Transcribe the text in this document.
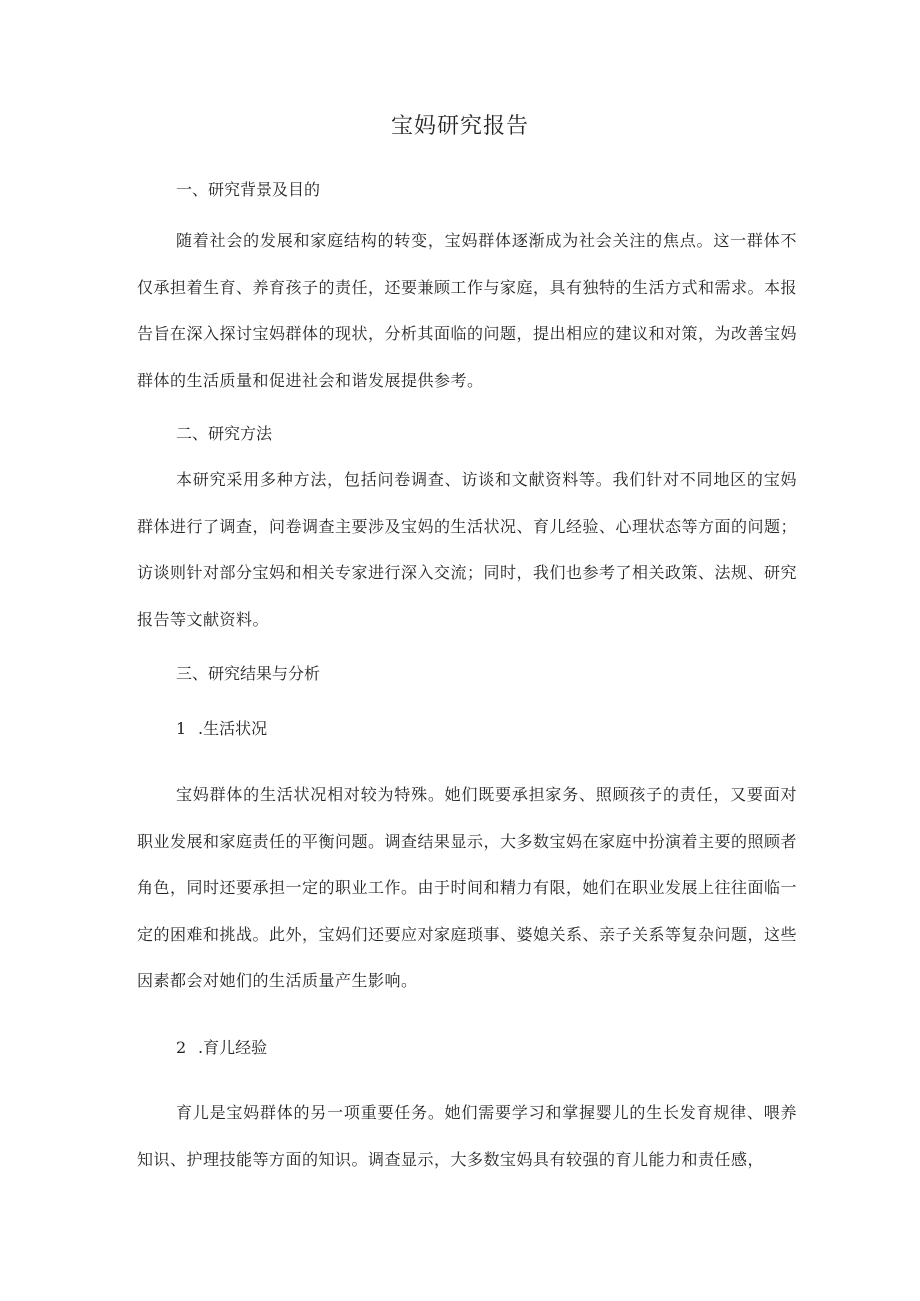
宝妈研究报告
一、研究背景及目的

随着社会的发展和家庭结构的转变，宝妈群体逐渐成为社会关注的焦点。这一群体不仅承担着生育、养育孩子的责任，还要兼顾工作与家庭，具有独特的生活方式和需求。本报告旨在深入探讨宝妈群体的现状，分析其面临的问题，提出相应的建议和对策，为改善宝妈群体的生活质量和促进社会和谐发展提供参考。

二、研究方法

本研究采用多种方法，包括问卷调查、访谈和文献资料等。我们针对不同地区的宝妈群体进行了调查，问卷调查主要涉及宝妈的生活状况、育儿经验、心理状态等方面的问题；访谈则针对部分宝妈和相关专家进行深入交流；同时，我们也参考了相关政策、法规、研究报告等文献资料。

三、研究结果与分析
1 .生活状况

宝妈群体的生活状况相对较为特殊。她们既要承担家务、照顾孩子的责任，又要面对职业发展和家庭责任的平衡问题。调查结果显示，大多数宝妈在家庭中扮演着主要的照顾者角色，同时还要承担一定的职业工作。由于时间和精力有限，她们在职业发展上往往面临一定的困难和挑战。此外，宝妈们还要应对家庭琐事、婆媳关系、亲子关系等复杂问题，这些因素都会对她们的生活质量产生影响。

2 .育儿经验

育儿是宝妈群体的另一项重要任务。她们需要学习和掌握婴儿的生长发育规律、喂养知识、护理技能等方面的知识。调查显示，大多数宝妈具有较强的育儿能力和责任感，
